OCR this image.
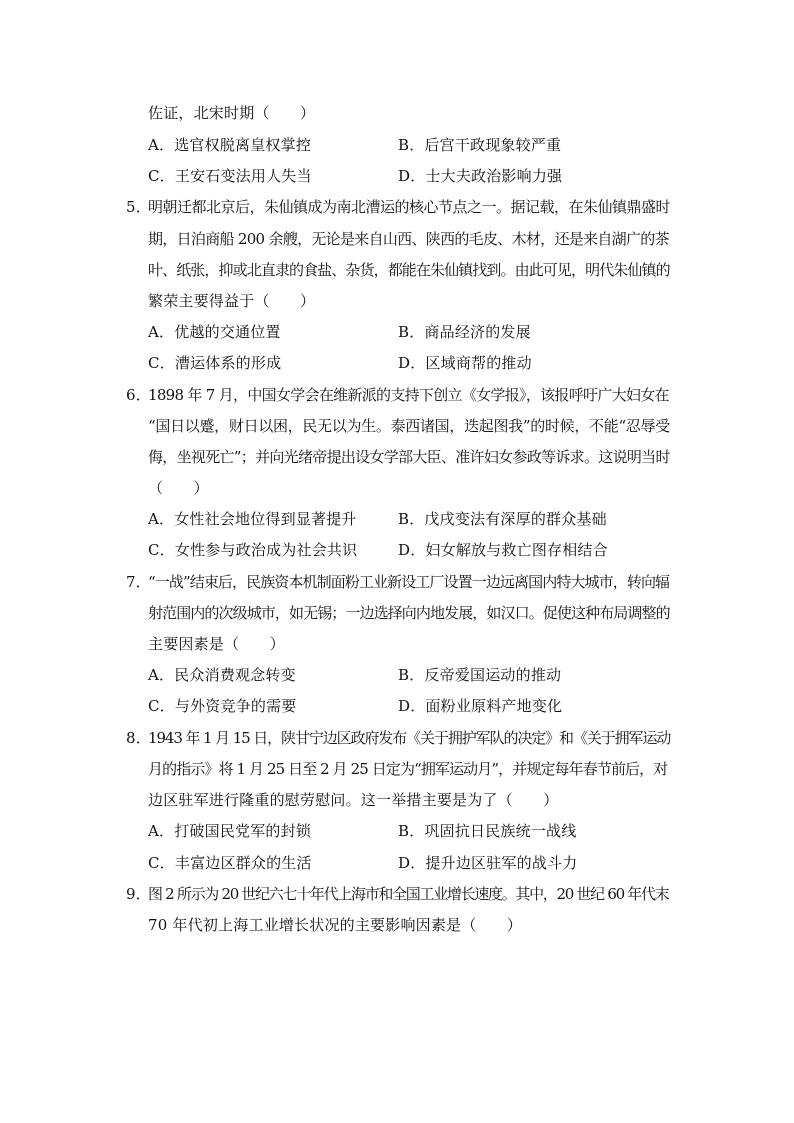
佐证，北宋时期（　　）
A．选官权脱离皇权掌控	B．后宫干政现象较严重
C．王安石变法用人失当	D．士大夫政治影响力强
5．
明朝迁都北京后，朱仙镇成为南北漕运的核心节点之一。据记载，在朱仙镇鼎盛时
期，日泊商船 200 余艘，无论是来自山西、陕西的毛皮、木材，还是来自湖广的茶
叶、纸张，抑或北直隶的食盐、杂货，都能在朱仙镇找到。由此可见，明代朱仙镇的
繁荣主要得益于（　　）
A．优越的交通位置	B．商品经济的发展
C．漕运体系的形成	D．区域商帮的推动
6．
1898 年 7 月，中国女学会在维新派的支持下创立《女学报》，该报呼吁广大妇女在
“国日以蹙，财日以困，民无以为生。泰西诸国，迭起图我”的时候，不能“忍辱受
侮，坐视死亡”；并向光绪帝提出设女学部大臣、准许妇女参政等诉求。这说明当时
（　　）
A．女性社会地位得到显著提升	B．戊戌变法有深厚的群众基础
C．女性参与政治成为社会共识	D．妇女解放与救亡图存相结合
7．
“一战”结束后，民族资本机制面粉工业新设工厂设置一边远离国内特大城市，转向辐
射范围内的次级城市，如无锡；一边选择向内地发展，如汉口。促使这种布局调整的
主要因素是（　　）
A．民众消费观念转变	B．反帝爱国运动的推动
C．与外资竞争的需要	D．面粉业原料产地变化
8．
1943 年 1 月 15 日，陕甘宁边区政府发布《关于拥护军队的决定》和《关于拥军运动
月的指示》将 1 月 25 日至 2 月 25 日定为“拥军运动月”，并规定每年春节前后，对
边区驻军进行隆重的慰劳慰问。这一举措主要是为了（　　）
A．打破国民党军的封锁	B．巩固抗日民族统一战线
C．丰富边区群众的生活	D．提升边区驻军的战斗力
9．
图 2 所示为 20 世纪六七十年代上海市和全国工业增长速度。其中，20 世纪 60 年代末
70 年代初上海工业增长状况的主要影响因素是（　　）
